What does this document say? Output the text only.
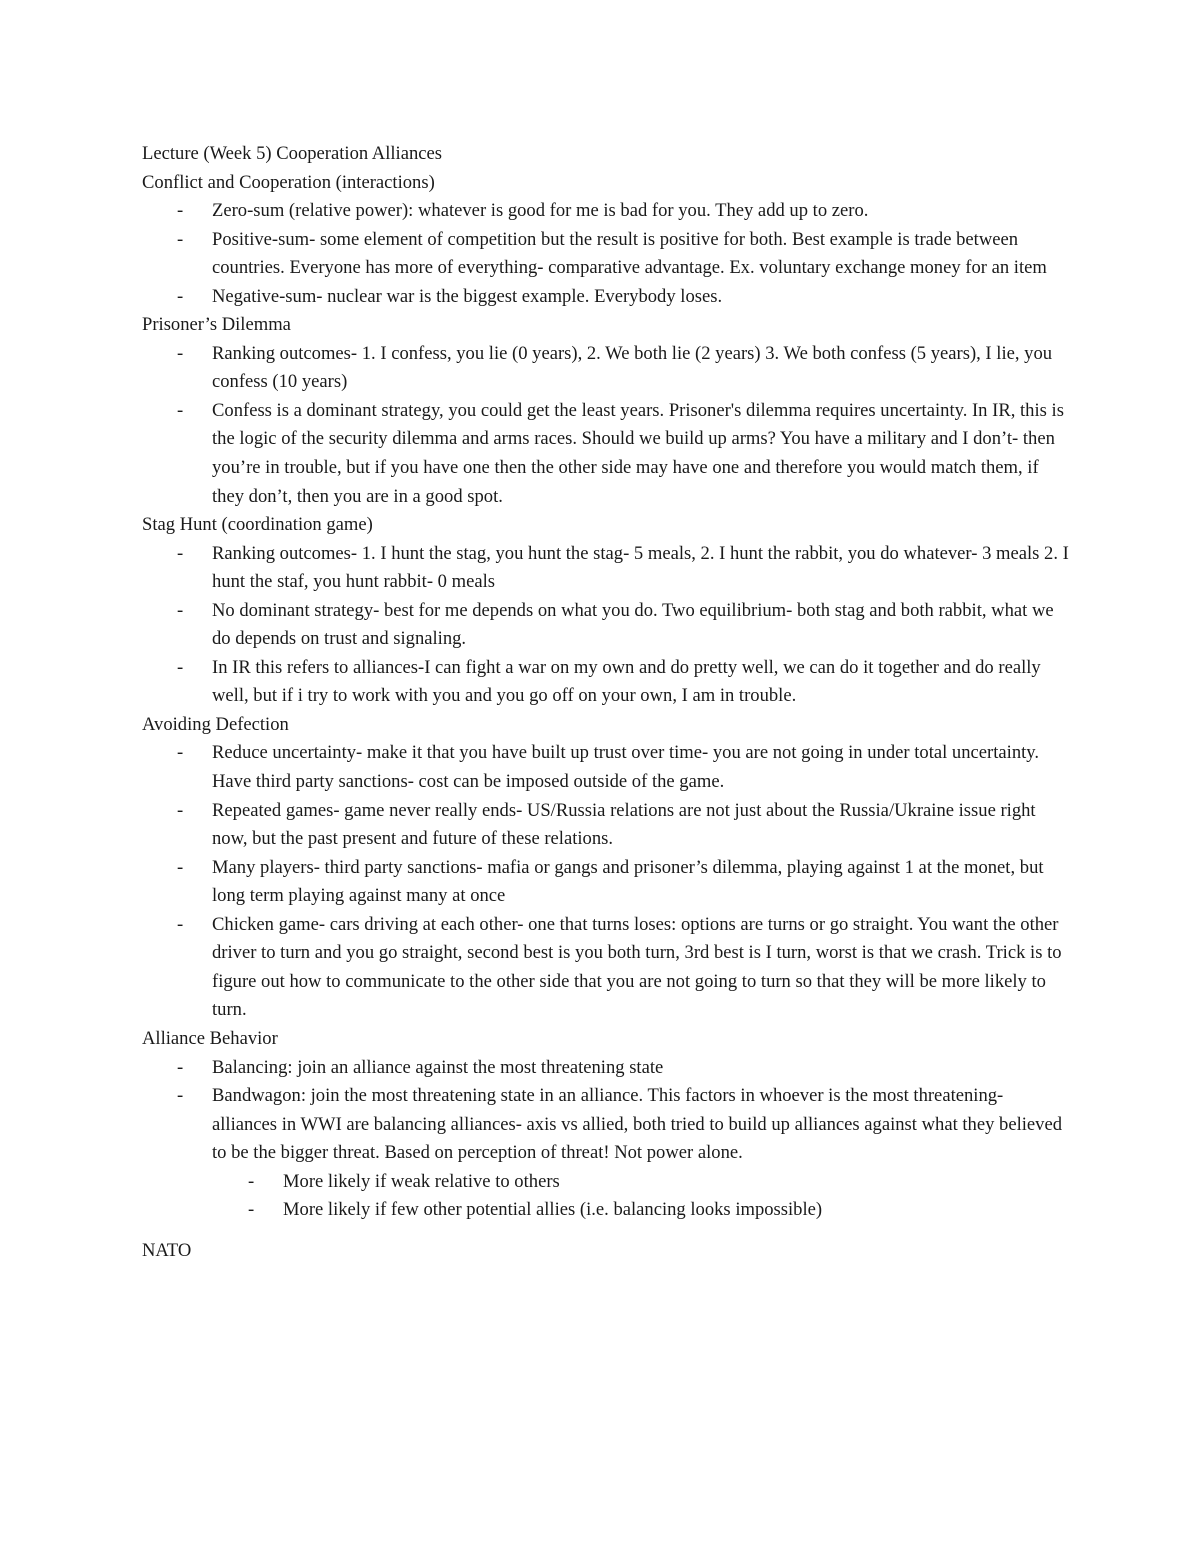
Lecture (Week 5) Cooperation Alliances

Conflict and Cooperation (interactions)

- Zero-sum (relative power): whatever is good for me is bad for you. They add up to zero.

- Positive-sum- some element of competition but the result is positive for both. Best example is trade between countries. Everyone has more of everything- comparative advantage. Ex. voluntary exchange money for an item

- Negative-sum- nuclear war is the biggest example. Everybody loses.

Prisoner’s Dilemma

- Ranking outcomes- 1. I confess, you lie (0 years), 2. We both lie (2 years) 3. We both confess (5 years), I lie, you confess (10 years)

- Confess is a dominant strategy, you could get the least years. Prisoner's dilemma requires uncertainty. In IR, this is the logic of the security dilemma and arms races. Should we build up arms? You have a military and I don’t- then you’re in trouble, but if you have one then the other side may have one and therefore you would match them, if they don’t, then you are in a good spot.

Stag Hunt (coordination game)

- Ranking outcomes- 1. I hunt the stag, you hunt the stag- 5 meals, 2. I hunt the rabbit, you do whatever- 3 meals 2. I hunt the staf, you hunt rabbit- 0 meals

- No dominant strategy- best for me depends on what you do. Two equilibrium- both stag and both rabbit, what we do depends on trust and signaling.

- In IR this refers to alliances-I can fight a war on my own and do pretty well, we can do it together and do really well, but if i try to work with you and you go off on your own, I am in trouble.

Avoiding Defection

- Reduce uncertainty- make it that you have built up trust over time- you are not going in under total uncertainty. Have third party sanctions- cost can be imposed outside of the game.

- Repeated games- game never really ends- US/Russia relations are not just about the Russia/Ukraine issue right now, but the past present and future of these relations.

- Many players- third party sanctions- mafia or gangs and prisoner’s dilemma, playing against 1 at the monet, but long term playing against many at once

- Chicken game- cars driving at each other- one that turns loses: options are turns or go straight. You want the other driver to turn and you go straight, second best is you both turn, 3rd best is I turn, worst is that we crash. Trick is to figure out how to communicate to the other side that you are not going to turn so that they will be more likely to turn.

Alliance Behavior

- Balancing: join an alliance against the most threatening state

- Bandwagon: join the most threatening state in an alliance. This factors in whoever is the most threatening- alliances in WWI are balancing alliances- axis vs allied, both tried to build up alliances against what they believed to be the bigger threat. Based on perception of threat! Not power alone.

- More likely if weak relative to others

- More likely if few other potential allies (i.e. balancing looks impossible)

NATO
